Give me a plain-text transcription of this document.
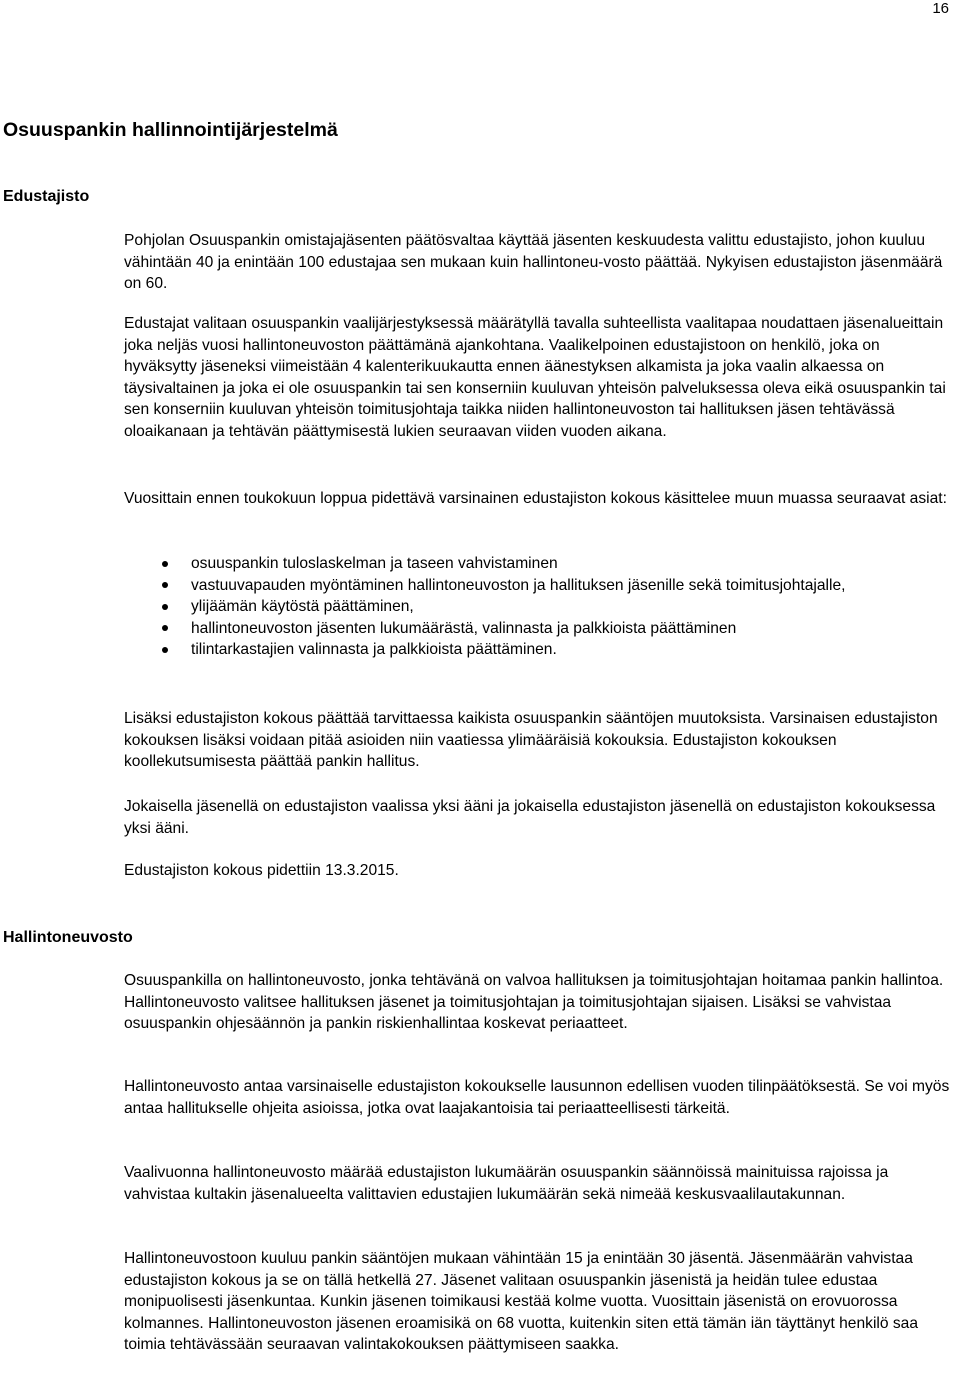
16
Osuuspankin hallinnointijärjestelmä
Edustajisto

Pohjolan Osuuspankin omistajajäsenten päätösvaltaa käyttää jäsenten keskuudesta valittu edustajisto, johon kuuluu vähintään 40 ja enintään 100 edustajaa sen mukaan kuin hallintoneu-vosto päättää. Nykyisen edustajiston jäsenmäärä on 60.

Edustajat valitaan osuuspankin vaalijärjestyksessä määrätyllä tavalla suhteellista vaalitapaa noudattaen jäsenalueittain joka neljäs vuosi hallintoneuvoston päättämänä ajankohtana. Vaalikelpoinen edustajistoon on henkilö, joka on hyväksytty jäseneksi viimeistään 4 kalenterikuukautta ennen äänestyksen alkamista ja joka vaalin alkaessa on täysivaltainen ja joka ei ole osuuspankin tai sen konserniin kuuluvan yhteisön palveluksessa oleva eikä osuuspankin tai sen konserniin kuuluvan yhteisön toimitusjohtaja taikka niiden hallintoneuvoston tai hallituksen jäsen tehtävässä oloaikanaan ja tehtävän päättymisestä lukien seuraavan viiden vuoden aikana.

Vuosittain ennen toukokuun loppua pidettävä varsinainen edustajiston kokous käsittelee muun muassa seuraavat asiat:

osuuspankin tuloslaskelman ja taseen vahvistaminen
vastuuvapauden myöntäminen hallintoneuvoston ja hallituksen jäsenille sekä toimitusjohtajalle,
ylijäämän käytöstä päättäminen,
hallintoneuvoston jäsenten lukumäärästä, valinnasta ja palkkioista päättäminen
tilintarkastajien valinnasta ja palkkioista päättäminen.

Lisäksi edustajiston kokous päättää tarvittaessa kaikista osuuspankin sääntöjen muutoksista. Varsinaisen edustajiston kokouksen lisäksi voidaan pitää asioiden niin vaatiessa ylimääräisiä kokouksia. Edustajiston kokouksen koollekutsumisesta päättää pankin hallitus.

Jokaisella jäsenellä on edustajiston vaalissa yksi ääni ja jokaisella edustajiston jäsenellä on edustajiston kokouksessa yksi ääni.

Edustajiston kokous pidettiin 13.3.2015.

Hallintoneuvosto

Osuuspankilla on hallintoneuvosto, jonka tehtävänä on valvoa hallituksen ja toimitusjohtajan hoitamaa pankin hallintoa. Hallintoneuvosto valitsee hallituksen jäsenet ja toimitusjohtajan ja toimitusjohtajan sijaisen. Lisäksi se vahvistaa osuuspankin ohjesäännön ja pankin riskienhallintaa koskevat periaatteet.

Hallintoneuvosto antaa varsinaiselle edustajiston kokoukselle lausunnon edellisen vuoden tilinpäätöksestä. Se voi myös antaa hallitukselle ohjeita asioissa, jotka ovat laajakantoisia tai periaatteellisesti tärkeitä.

Vaalivuonna hallintoneuvosto määrää edustajiston lukumäärän osuuspankin säännöissä mainituissa rajoissa ja vahvistaa kultakin jäsenalueelta valittavien edustajien lukumäärän sekä nimeää keskusvaalilautakunnan.

Hallintoneuvostoon kuuluu pankin sääntöjen mukaan vähintään 15 ja enintään 30 jäsentä. Jäsenmäärän vahvistaa edustajiston kokous ja se on tällä hetkellä 27. Jäsenet valitaan osuuspankin jäsenistä ja heidän tulee edustaa monipuolisesti jäsenkuntaa. Kunkin jäsenen toimikausi kestää kolme vuotta. Vuosittain jäsenistä on erovuorossa kolmannes. Hallintoneuvoston jäsenen eroamisikä on 68 vuotta, kuitenkin siten että tämän iän täyttänyt henkilö saa toimia tehtävässään seuraavan valintakokouksen päättymiseen saakka.
